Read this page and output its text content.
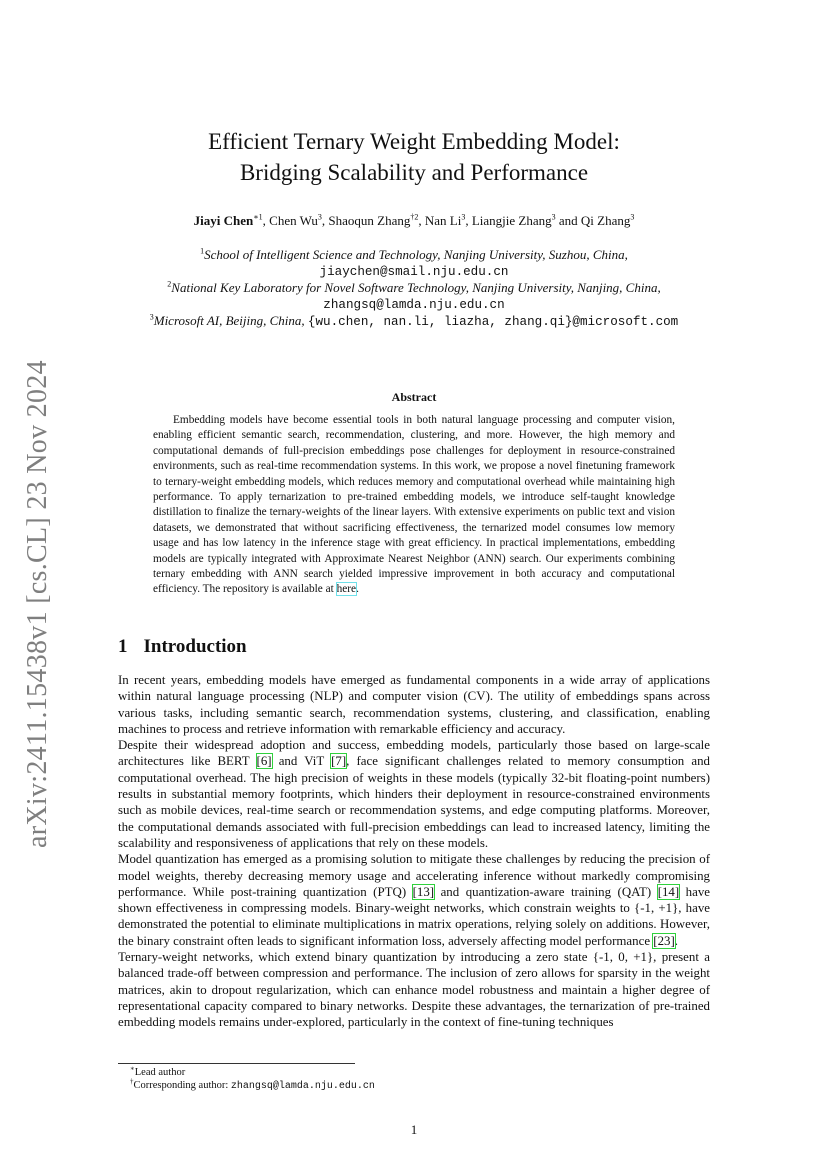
arXiv:2411.15438v1 [cs.CL] 23 Nov 2024
Efficient Ternary Weight Embedding Model:
Bridging Scalability and Performance
Jiayi Chen$^{∗1}$, Chen Wu$^3$, Shaoqun Zhang$^{\dagger 2}$, Nan Li$^3$, Liangjie Zhang$^3$ and Qi Zhang$^3$
$^1$School of Intelligent Science and Technology, Nanjing University, Suzhou, China,
jiaychen@smail.nju.edu.cn
$^2$National Key Laboratory for Novel Software Technology, Nanjing University, Nanjing, China,
zhangsq@lamda.nju.edu.cn
$^3$Microsoft AI, Beijing, China, {wu.chen, nan.li, liazha, zhang.qi}@microsoft.com
Abstract
Embedding models have become essential tools in both natural language processing and computer vision, enabling efficient semantic search, recommendation, clustering, and more. However, the high memory and computational demands of full-precision embeddings pose challenges for deployment in resource-constrained environments, such as real-time recommendation systems. In this work, we propose a novel finetuning framework to ternary-weight embedding models, which reduces memory and computational overhead while maintaining high performance. To apply ternarization to pre-trained embedding models, we introduce self-taught knowledge distillation to finalize the ternary-weights of the linear layers. With extensive experiments on public text and vision datasets, we demonstrated that without sacrificing effectiveness, the ternarized model consumes low memory usage and has low latency in the inference stage with great efficiency. In practical implementations, embedding models are typically integrated with Approximate Nearest Neighbor (ANN) search. Our experiments combining ternary embedding with ANN search yielded impressive improvement in both accuracy and computational efficiency. The repository is available at here.
1 Introduction

In recent years, embedding models have emerged as fundamental components in a wide array of applications within natural language processing (NLP) and computer vision (CV). The utility of embeddings spans across various tasks, including semantic search, recommendation systems, clustering, and classification, enabling machines to process and retrieve information with remarkable efficiency and accuracy.

Despite their widespread adoption and success, embedding models, particularly those based on large-scale architectures like BERT [6] and ViT [7], face significant challenges related to memory consumption and computational overhead. The high precision of weights in these models (typically 32-bit floating-point numbers) results in substantial memory footprints, which hinders their deployment in resource-constrained environments such as mobile devices, real-time search or recommendation systems, and edge computing platforms. Moreover, the computational demands associated with full-precision embeddings can lead to increased latency, limiting the scalability and responsiveness of applications that rely on these models.

Model quantization has emerged as a promising solution to mitigate these challenges by reducing the precision of model weights, thereby decreasing memory usage and accelerating inference without markedly compromising performance. While post-training quantization (PTQ) [13] and quantization-aware training (QAT) [14] have shown effectiveness in compressing models. Binary-weight networks, which constrain weights to {-1, +1}, have demonstrated the potential to eliminate multiplications in matrix operations, relying solely on additions. However, the binary constraint often leads to significant information loss, adversely affecting model performance [23].

Ternary-weight networks, which extend binary quantization by introducing a zero state {-1, 0, +1}, present a balanced trade-off between compression and performance. The inclusion of zero allows for sparsity in the weight matrices, akin to dropout regularization, which can enhance model robustness and maintain a higher degree of representational capacity compared to binary networks. Despite these advantages, the ternarization of pre-trained embedding models remains under-explored, particularly in the context of fine-tuning techniques

∗Lead author
†Corresponding author: zhangsq@lamda.nju.edu.cn
1
